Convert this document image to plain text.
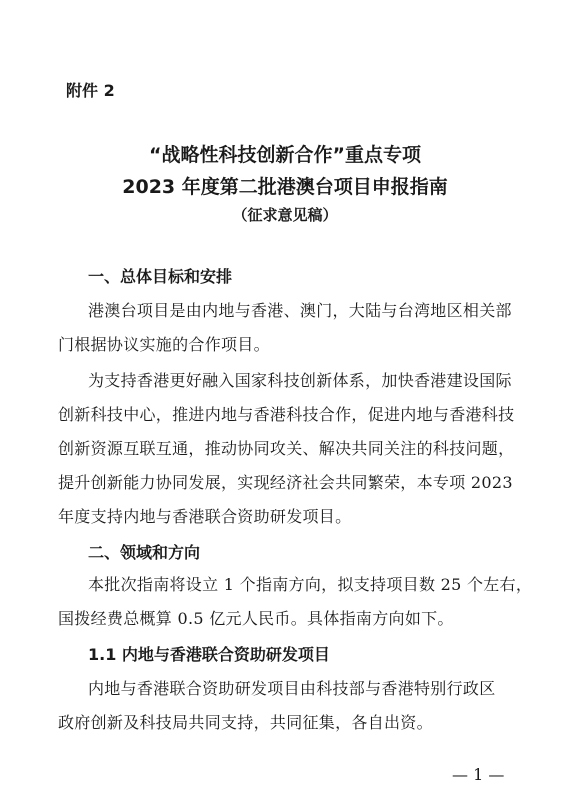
附件 2

“战略性科技创新合作”重点专项

2023 年度第二批港澳台项目申报指南

（征求意见稿）

一、总体目标和安排

港澳台项目是由内地与香港、澳门，大陆与台湾地区相关部

门根据协议实施的合作项目。

为支持香港更好融入国家科技创新体系，加快香港建设国际

创新科技中心，推进内地与香港科技合作，促进内地与香港科技

创新资源互联互通，推动协同攻关、解决共同关注的科技问题，

提升创新能力协同发展，实现经济社会共同繁荣，本专项 2023

年度支持内地与香港联合资助研发项目。

二、领域和方向

本批次指南将设立 1 个指南方向，拟支持项目数 25 个左右，

国拨经费总概算 0.5 亿元人民币。具体指南方向如下。

1.1 内地与香港联合资助研发项目

内地与香港联合资助研发项目由科技部与香港特别行政区

政府创新及科技局共同支持，共同征集，各自出资。

— 1 —
